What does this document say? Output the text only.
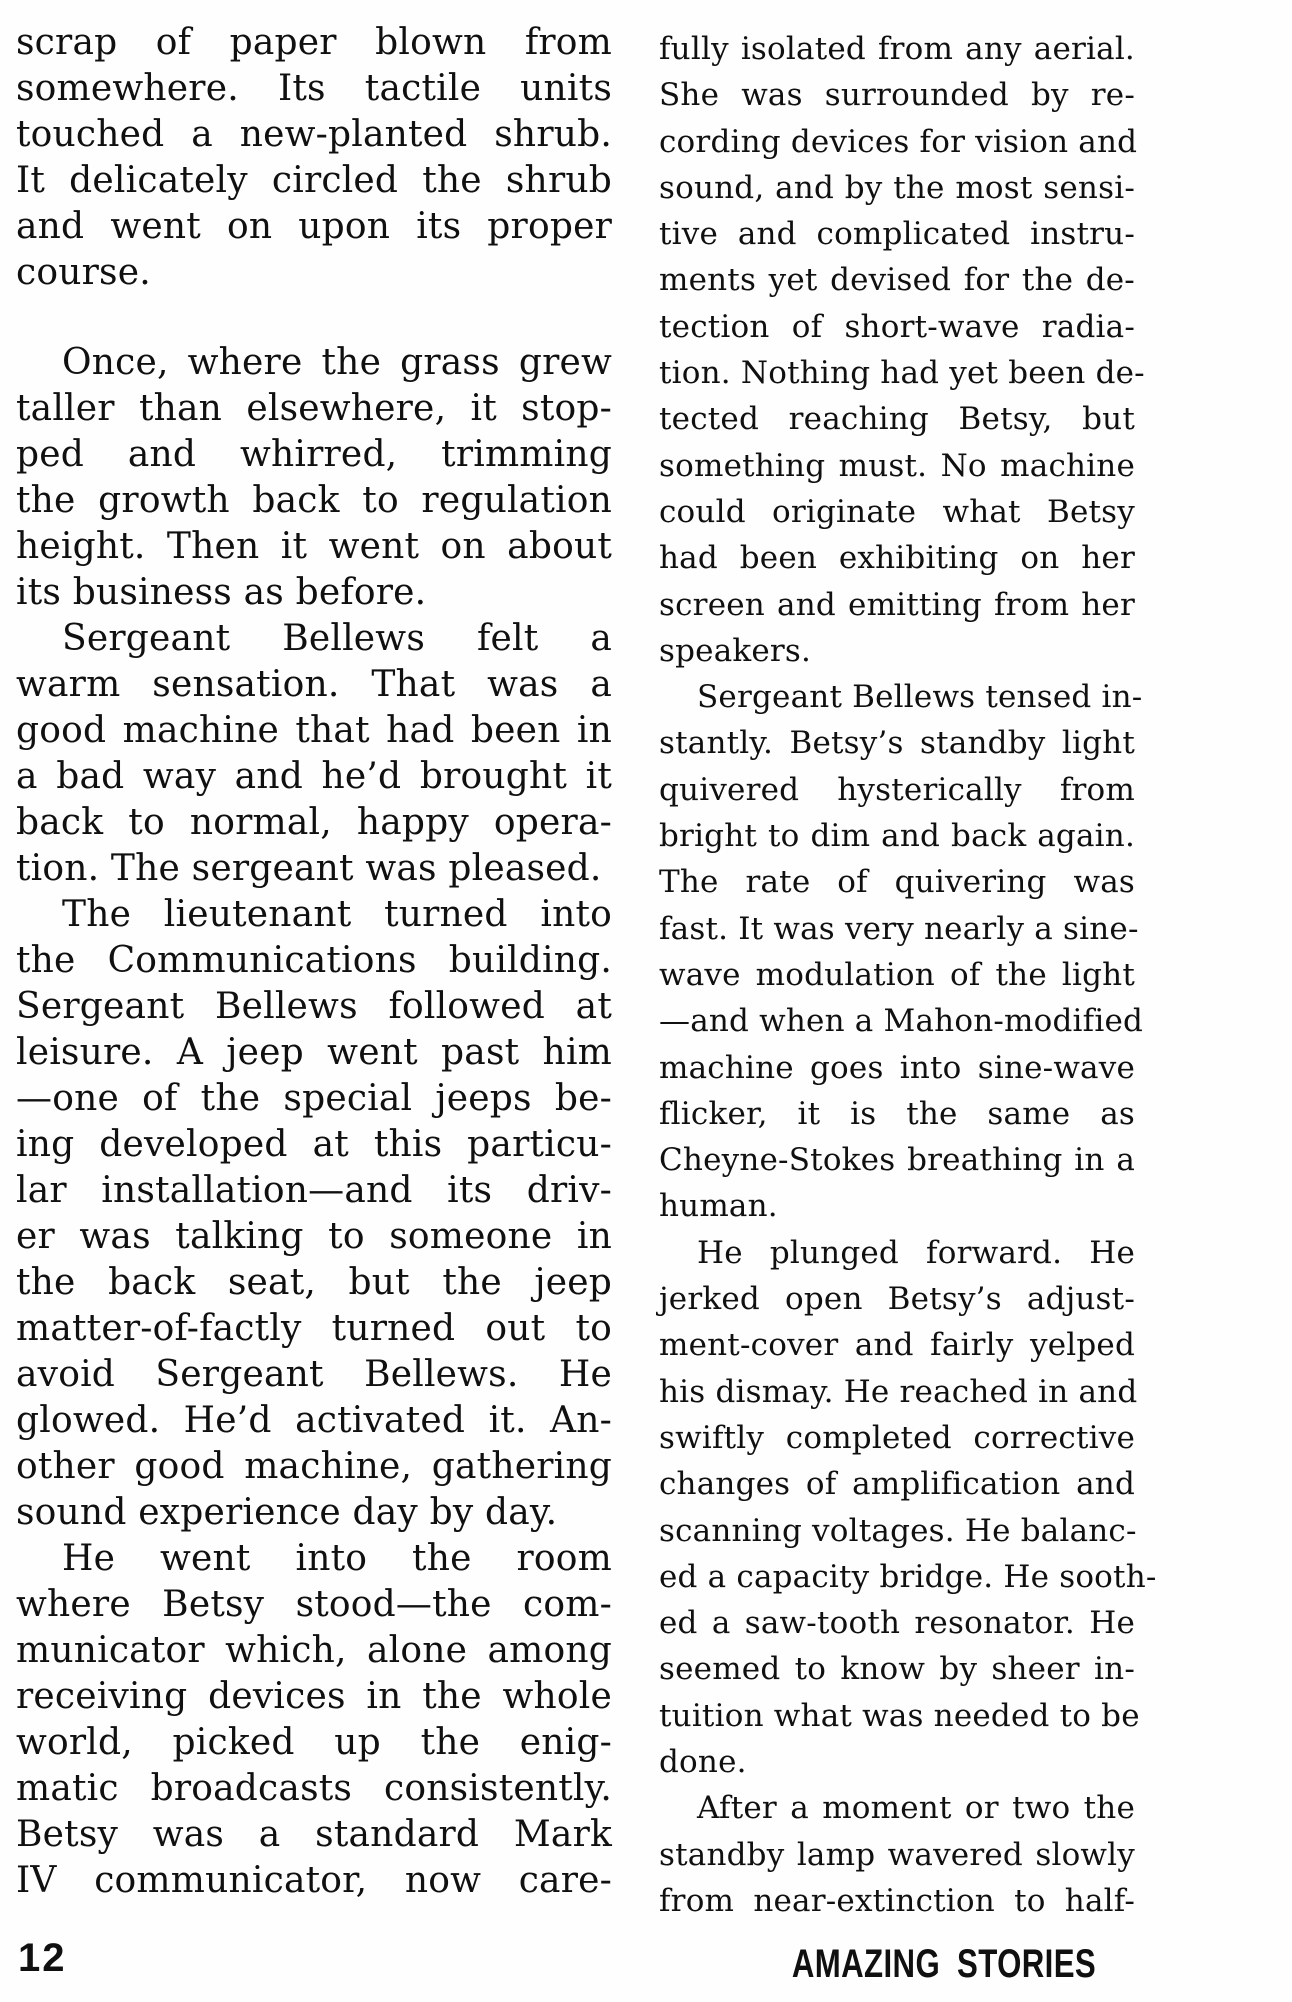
scrap of paper blown from
somewhere. Its tactile units
touched a new-planted shrub.
It delicately circled the shrub
and went on upon its proper
course.
Once, where the grass grew
taller than elsewhere, it stop-
ped and whirred, trimming
the growth back to regulation
height. Then it went on about
its business as before.
Sergeant Bellews felt a
warm sensation. That was a
good machine that had been in
a bad way and he’d brought it
back to normal, happy opera-
tion. The sergeant was pleased.
The lieutenant turned into
the Communications building.
Sergeant Bellews followed at
leisure. A jeep went past him
—one of the special jeeps be-
ing developed at this particu-
lar installation—and its driv-
er was talking to someone in
the back seat, but the jeep
matter-of-factly turned out to
avoid Sergeant Bellews. He
glowed. He’d activated it. An-
other good machine, gathering
sound experience day by day.
He went into the room
where Betsy stood—the com-
municator which, alone among
receiving devices in the whole
world, picked up the enig-
matic broadcasts consistently.
Betsy was a standard Mark
IV communicator, now care-
fully isolated from any aerial.
She was surrounded by re-
cording devices for vision and
sound, and by the most sensi-
tive and complicated instru-
ments yet devised for the de-
tection of short-wave radia-
tion. Nothing had yet been de-
tected reaching Betsy, but
something must. No machine
could originate what Betsy
had been exhibiting on her
screen and emitting from her
speakers.
Sergeant Bellews tensed in-
stantly. Betsy’s standby light
quivered hysterically from
bright to dim and back again.
The rate of quivering was
fast. It was very nearly a sine-
wave modulation of the light
—and when a Mahon-modified
machine goes into sine-wave
flicker, it is the same as
Cheyne-Stokes breathing in a
human.
He plunged forward. He
jerked open Betsy’s adjust-
ment-cover and fairly yelped
his dismay. He reached in and
swiftly completed corrective
changes of amplification and
scanning voltages. He balanc-
ed a capacity bridge. He sooth-
ed a saw-tooth resonator. He
seemed to know by sheer in-
tuition what was needed to be
done.
After a moment or two the
standby lamp wavered slowly
from near-extinction to half-
12	AMAZING STORIES
